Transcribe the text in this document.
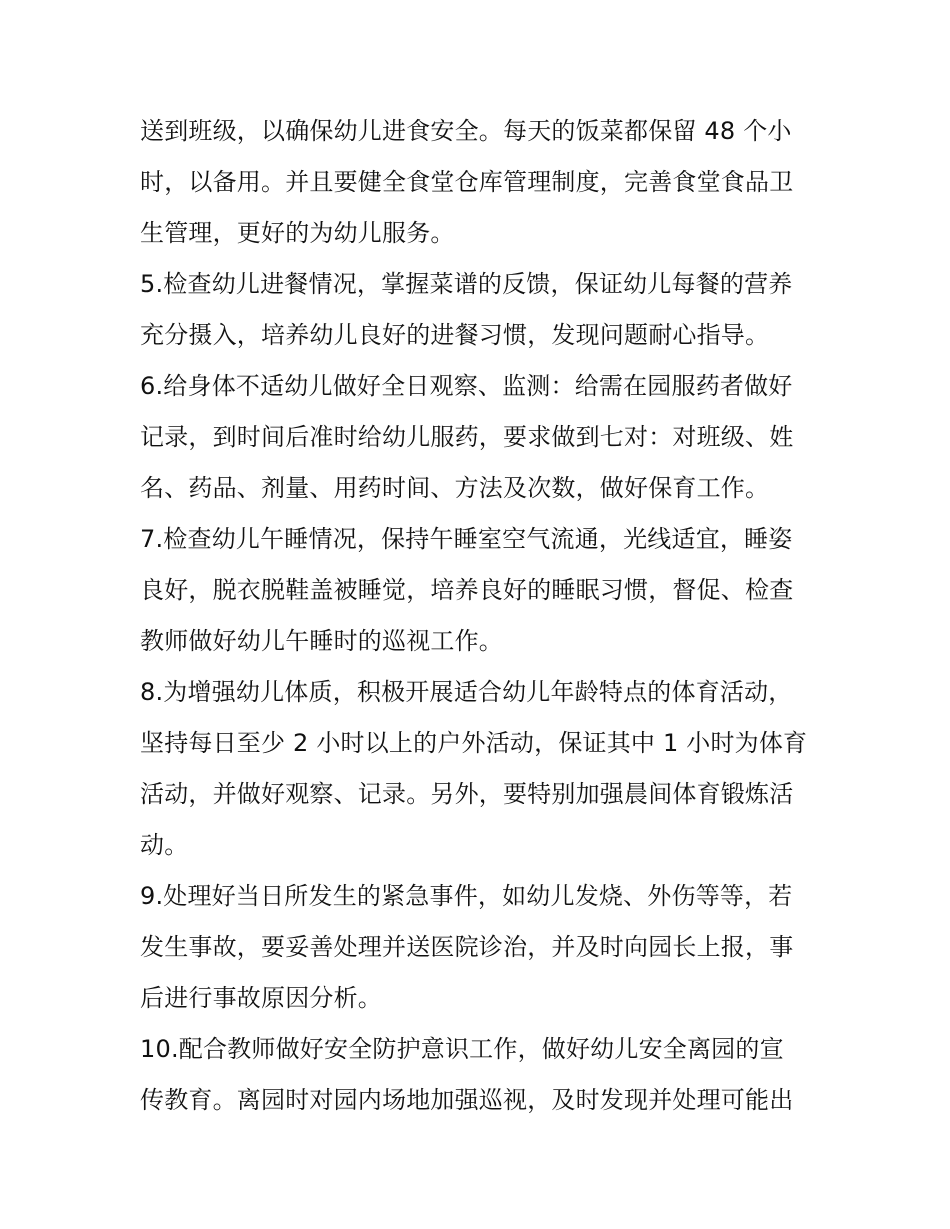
送到班级，以确保幼儿进食安全。每天的饭菜都保留 48 个小
时，以备用。并且要健全食堂仓库管理制度，完善食堂食品卫
生管理，更好的为幼儿服务。
5.检查幼儿进餐情况，掌握菜谱的反馈，保证幼儿每餐的营养
充分摄入，培养幼儿良好的进餐习惯，发现问题耐心指导。
6.给身体不适幼儿做好全日观察、监测：给需在园服药者做好
记录，到时间后准时给幼儿服药，要求做到七对：对班级、姓
名、药品、剂量、用药时间、方法及次数，做好保育工作。
7.检查幼儿午睡情况，保持午睡室空气流通，光线适宜，睡姿
良好，脱衣脱鞋盖被睡觉，培养良好的睡眠习惯，督促、检查
教师做好幼儿午睡时的巡视工作。
8.为增强幼儿体质，积极开展适合幼儿年龄特点的体育活动，
坚持每日至少 2 小时以上的户外活动，保证其中 1 小时为体育
活动，并做好观察、记录。另外，要特别加强晨间体育锻炼活
动。
9.处理好当日所发生的紧急事件，如幼儿发烧、外伤等等，若
发生事故，要妥善处理并送医院诊治，并及时向园长上报，事
后进行事故原因分析。
10.配合教师做好安全防护意识工作，做好幼儿安全离园的宣
传教育。离园时对园内场地加强巡视，及时发现并处理可能出
